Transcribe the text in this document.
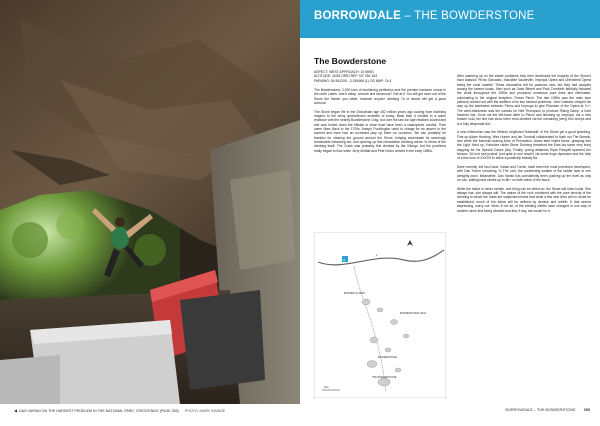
◀ DAN VARIAN ON THE HARDEST PROBLEM IN THE NATIONAL PARK: CRESCENDO (PAGE 365) PHOTO: MARK SAVAGE
BORROWDALE – THE BOWDERSTONE
The Bowderstone
ASPECT: WEST APPROACH: 10 MINS
ALTITUDE: 110M GRID REF: NY 254 164
PARKING: 54.541199, -3.155468 (1) OS MAP: OL4

The Bowderstone: 2,000 tons of bouldering perfection and the premier hardcore venue in the north Lakes. Like it steep, smooth and sensuous? Get at it. You will get more out of the Stone the harder you climb, however anyone climbing 7a or above will get a good workout.

The Stone began life in the Ordovician age 452 million years ago cooling from bubbling magma to the shiny green/brown andesite of today. Back then it nestled in a warm embrace with the nearby Bowderstone Crag, but over the last Ice Age relations cooled and she was hurled down the hillside in what must have been a cataclysmic rockfall. Then came Marc Back in the 1700s Joseph Pocklington used to charge for an ascent to the summit and even had an orchestra play up there on occasion. We can probably be thankful for clearing the ground around the Stone, helping accentuate its seemingly remarkable balancing act, and opening up this remarkable climbing arena. In terms of the climbing itself, The Crack was probably first climbed by the Vikings, but the problems really began to flow when Jerry Moffatt and Pete Kirton arrived in the early 1980s.

P
1-
BOWDER QUARRY
BOWDERSTONE CRAG
BOWDERSTONE
THE BOWDERSTONE
10m

After warming up on the easier problems they then developed the majority of the Stone's hard classics: Picnic Sarcastic, Inaudible Vaudeville, Impropa Opera and Unfinished Opera being the most notable. These visionaries left for pastures new, but they had acolytes among the keener locals. Men such as Dave Birkett and Paul Cornforth faithfully followed the chalk throughout the 1990s and produced numerous pure lines and eliminates, culminating in the original testpiece, Power Pinch. The late 1990s saw the main face (almost) worked out with the addition of its two hardest problems. John Gaskins crimped his way up the blankness between Picnic and Impropa to give Phantom of the Opera at 7c+. The semi-blankness was the canvas for Neil Thompson to produce Rising Damp, a hard traverse link. Done via the left-hand sitter to Picnic and finishing up Impropa, via a new broken hold, the line has since been retro-climbed via the remaining (very) thin crimps and is a fully desperate 8a+.

A new millennium saw the hitherto neglected 'backside' of the Stone get a good spanking. First up Adam Hocking, Wes Hunter and Ian Turnbull collaborated to flush out The Bowels, and climb the futuristic-looking Ears of Perception. Adam later linked these, grasping into the Light. Next up, Yorkshire raider Steve Dunning breached the Ears via some very burly slapping for his Special Cases (8a). Finally, young albatross Ryan Pasquill spanned the famous '16-foot roof project' (not quite in one reach!) via some huge dynamics and the help of a few tons of XXXXX to leave a positively beastly 8a.

More recently, the two Dans, Varian and Turner, have been the most prominent developers, with Dan Turner unlocking, In The Link, the unrelenting swathe of the ladder face in one almighty push. Meanwhile, Dan Varian has consistently been pushing up the level as only he can, adding hard climbs up to 8b+ on both sides of the block.

While the future is never certain, one thing can be relied on: the Stone will shed holds. She always has, she always will. The nature of the rock combined with the pure ferocity of the climbing to which the holds are subjected means that while a few new lines will no doubt be established, much of the future will be defined by demise and rebirth. If that seems depressing, worry not. Most, if not all, of the existing climbs have changed in one way or another since first being climbed and few, if any, are worse for it.

BORROWDALE – THE BOWDERSTONE 359
